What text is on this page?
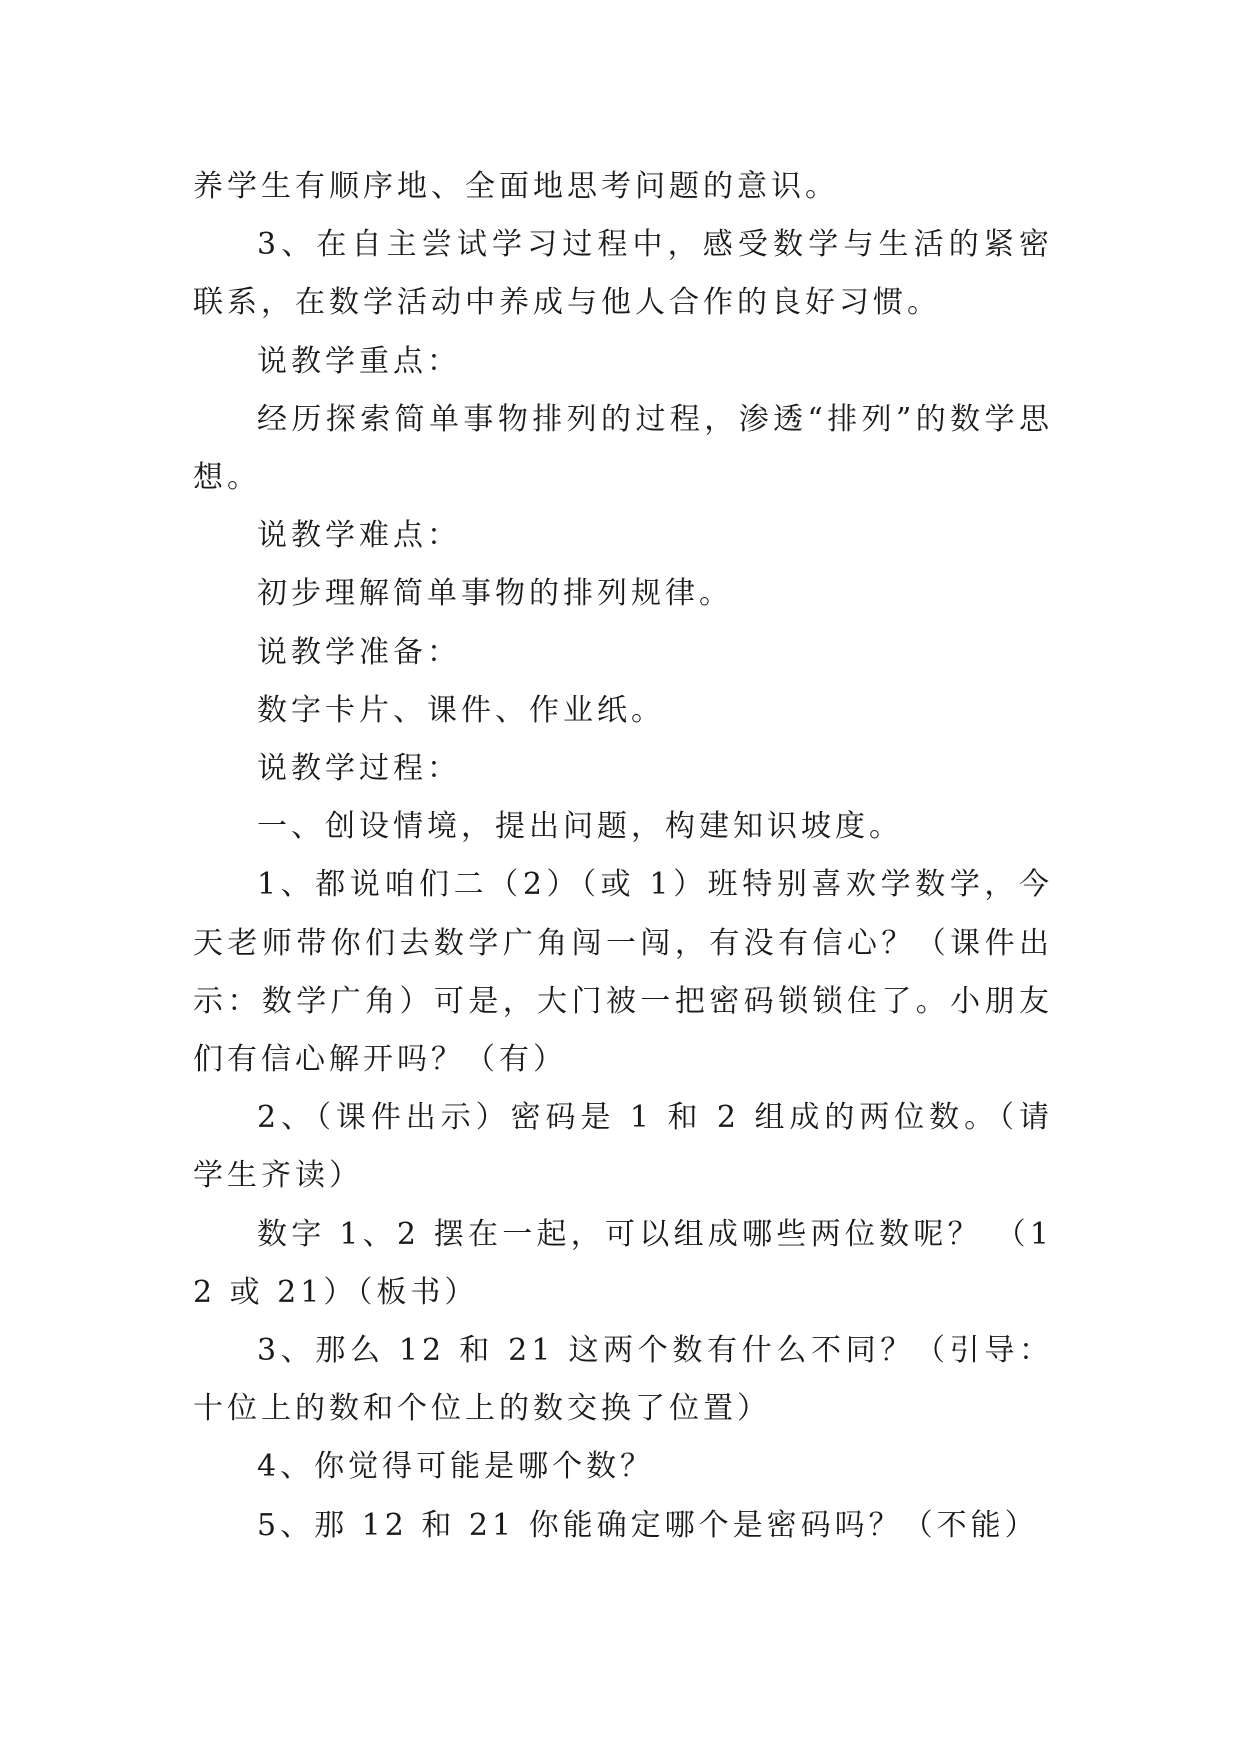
养学生有顺序地、全面地思考问题的意识。

3、在自主尝试学习过程中，感受数学与生活的紧密联系，在数学活动中养成与他人合作的良好习惯。

说教学重点：

经历探索简单事物排列的过程，渗透“排列”的数学思想。

说教学难点：

初步理解简单事物的排列规律。

说教学准备：

数字卡片、课件、作业纸。

说教学过程：

一、创设情境，提出问题，构建知识坡度。

1、都说咱们二（2）（或 1）班特别喜欢学数学，今天老师带你们去数学广角闯一闯，有没有信心？（课件出示：数学广角）可是，大门被一把密码锁锁住了。小朋友们有信心解开吗？（有）

2、（课件出示）密码是 1 和 2 组成的两位数。（请学生齐读）

数字 1、2 摆在一起，可以组成哪些两位数呢？ （12 或 21）（板书）

3、那么 12 和 21 这两个数有什么不同？（引导：十位上的数和个位上的数交换了位置）

4、你觉得可能是哪个数？

5、那 12 和 21 你能确定哪个是密码吗？（不能）
